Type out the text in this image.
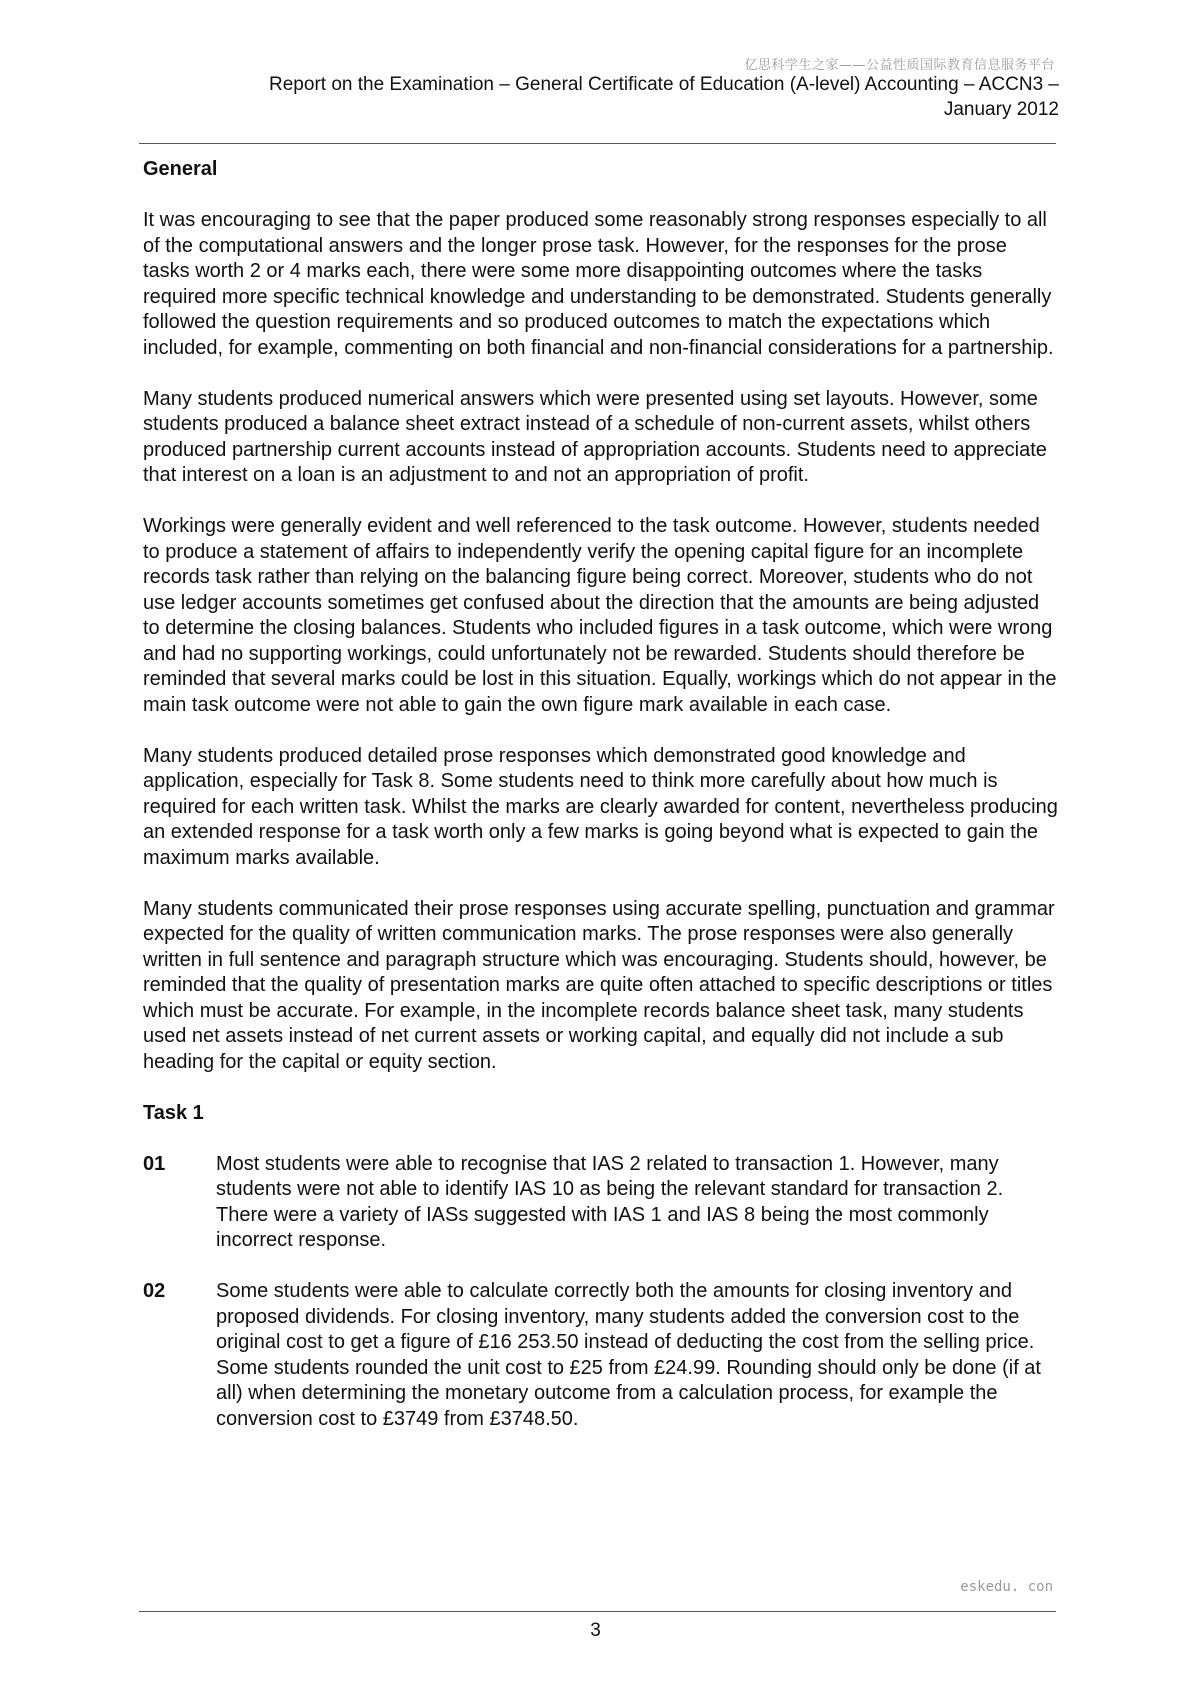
亿思科学生之家——公益性质国际教育信息服务平台
Report on the Examination – General Certificate of Education (A-level) Accounting – ACCN3 –
January 2012

General

It was encouraging to see that the paper produced some reasonably strong responses especially to all of the computational answers and the longer prose task. However, for the responses for the prose tasks worth 2 or 4 marks each, there were some more disappointing outcomes where the tasks required more specific technical knowledge and understanding to be demonstrated. Students generally followed the question requirements and so produced outcomes to match the expectations which included, for example, commenting on both financial and non-financial considerations for a partnership.

Many students produced numerical answers which were presented using set layouts. However, some students produced a balance sheet extract instead of a schedule of non-current assets, whilst others produced partnership current accounts instead of appropriation accounts. Students need to appreciate that interest on a loan is an adjustment to and not an appropriation of profit.

Workings were generally evident and well referenced to the task outcome. However, students needed to produce a statement of affairs to independently verify the opening capital figure for an incomplete records task rather than relying on the balancing figure being correct. Moreover, students who do not use ledger accounts sometimes get confused about the direction that the amounts are being adjusted to determine the closing balances. Students who included figures in a task outcome, which were wrong and had no supporting workings, could unfortunately not be rewarded. Students should therefore be reminded that several marks could be lost in this situation. Equally, workings which do not appear in the main task outcome were not able to gain the own figure mark available in each case.

Many students produced detailed prose responses which demonstrated good knowledge and application, especially for Task 8. Some students need to think more carefully about how much is required for each written task. Whilst the marks are clearly awarded for content, nevertheless producing an extended response for a task worth only a few marks is going beyond what is expected to gain the maximum marks available.

Many students communicated their prose responses using accurate spelling, punctuation and grammar expected for the quality of written communication marks. The prose responses were also generally written in full sentence and paragraph structure which was encouraging. Students should, however, be reminded that the quality of presentation marks are quite often attached to specific descriptions or titles which must be accurate. For example, in the incomplete records balance sheet task, many students used net assets instead of net current assets or working capital, and equally did not include a sub heading for the capital or equity section.

Task 1

01	Most students were able to recognise that IAS 2 related to transaction 1. However, many students were not able to identify IAS 10 as being the relevant standard for transaction 2. There were a variety of IASs suggested with IAS 1 and IAS 8 being the most commonly incorrect response.
02	Some students were able to calculate correctly both the amounts for closing inventory and proposed dividends. For closing inventory, many students added the conversion cost to the original cost to get a figure of £16 253.50 instead of deducting the cost from the selling price. Some students rounded the unit cost to £25 from £24.99. Rounding should only be done (if at all) when determining the monetary outcome from a calculation process, for example the conversion cost to £3749 from £3748.50.
eskedu. con
3
